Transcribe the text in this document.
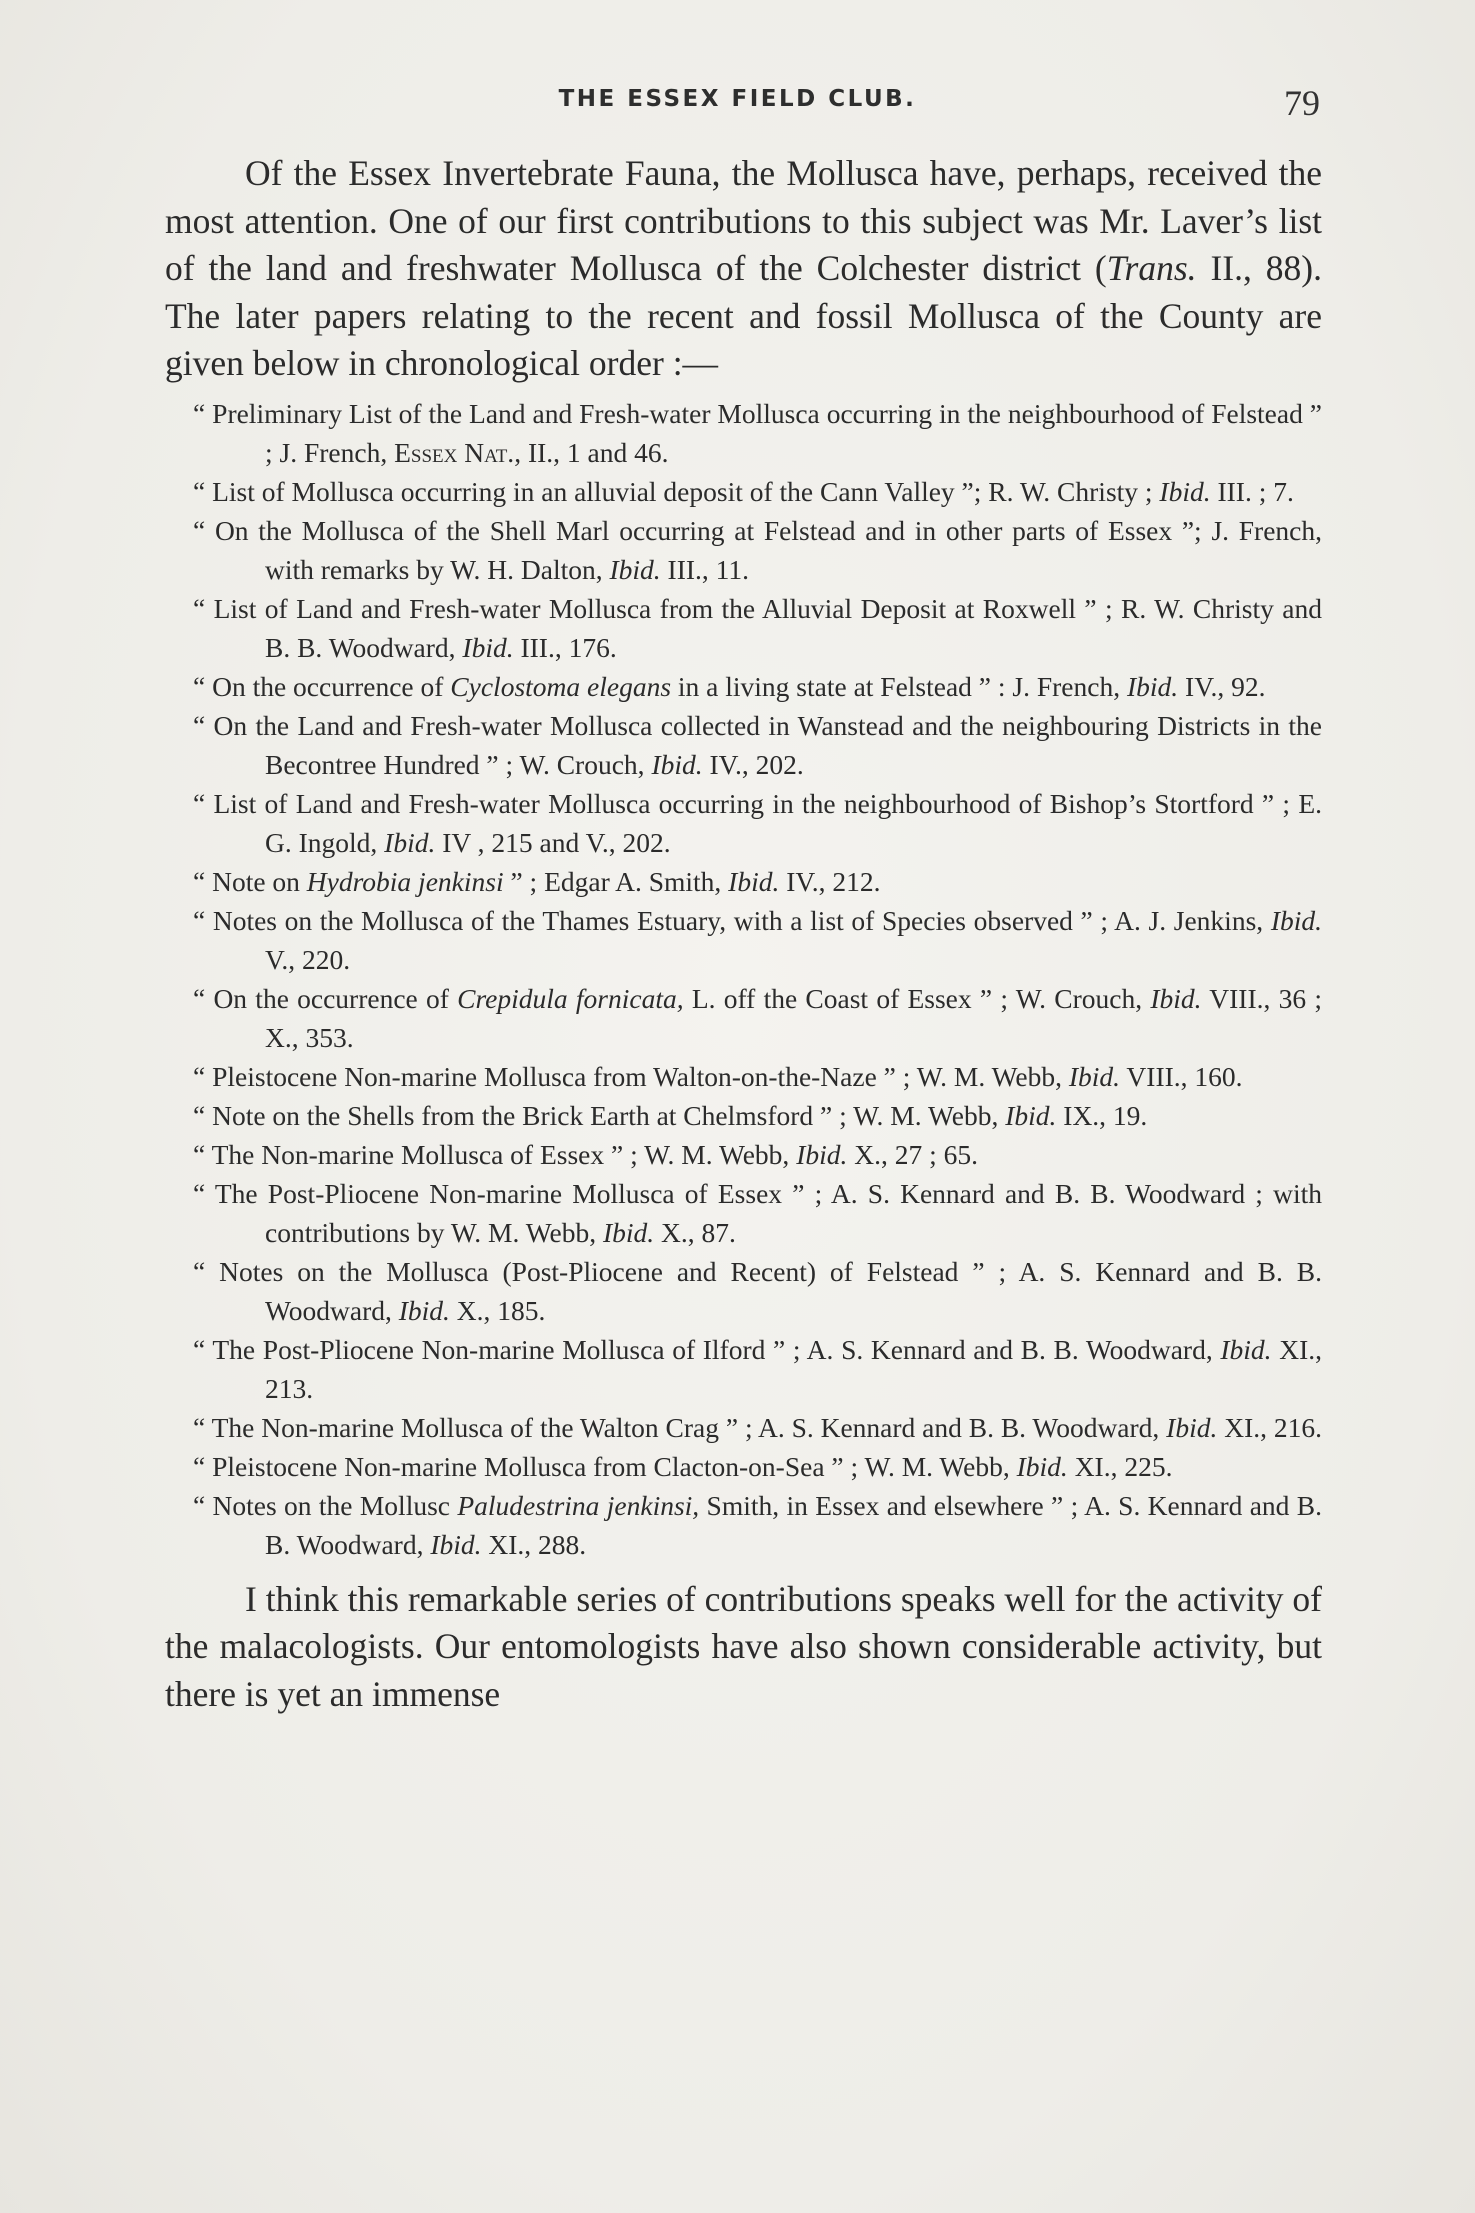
THE ESSEX FIELD CLUB.	79

Of the Essex Invertebrate Fauna, the Mollusca have, perhaps, received the most attention. One of our first contributions to this subject was Mr. Laver’s list of the land and freshwater Mollusca of the Colchester district (Trans. II., 88). The later papers relating to the recent and fossil Mollusca of the County are given below in chronological order :—

“ Preliminary List of the Land and Fresh-water Mollusca occurring in the neighbourhood of Felstead ” ; J. French, Essex Nat., II., 1 and 46.
“ List of Mollusca occurring in an alluvial deposit of the Cann Valley ”; R. W. Christy ; Ibid. III. ; 7.
“ On the Mollusca of the Shell Marl occurring at Felstead and in other parts of Essex ”; J. French, with remarks by W. H. Dalton, Ibid. III., 11.
“ List of Land and Fresh-water Mollusca from the Alluvial Deposit at Roxwell ” ; R. W. Christy and B. B. Woodward, Ibid. III., 176.
“ On the occurrence of Cyclostoma elegans in a living state at Felstead ” : J. French, Ibid. IV., 92.
“ On the Land and Fresh-water Mollusca collected in Wanstead and the neighbouring Districts in the Becontree Hundred ” ; W. Crouch, Ibid. IV., 202.
“ List of Land and Fresh-water Mollusca occurring in the neighbourhood of Bishop’s Stortford ” ; E. G. Ingold, Ibid. IV , 215 and V., 202.
“ Note on Hydrobia jenkinsi ” ; Edgar A. Smith, Ibid. IV., 212.
“ Notes on the Mollusca of the Thames Estuary, with a list of Species observed ” ; A. J. Jenkins, Ibid. V., 220.
“ On the occurrence of Crepidula fornicata, L. off the Coast of Essex ” ; W. Crouch, Ibid. VIII., 36 ; X., 353.
“ Pleistocene Non-marine Mollusca from Walton-on-the-Naze ” ; W. M. Webb, Ibid. VIII., 160.
“ Note on the Shells from the Brick Earth at Chelmsford ” ; W. M. Webb, Ibid. IX., 19.
“ The Non-marine Mollusca of Essex ” ; W. M. Webb, Ibid. X., 27 ; 65.
“ The Post-Pliocene Non-marine Mollusca of Essex ” ; A. S. Kennard and B. B. Woodward ; with contributions by W. M. Webb, Ibid. X., 87.
“ Notes on the Mollusca (Post-Pliocene and Recent) of Felstead ” ; A. S. Kennard and B. B. Woodward, Ibid. X., 185.
“ The Post-Pliocene Non-marine Mollusca of Ilford ” ; A. S. Kennard and B. B. Woodward, Ibid. XI., 213.
“ The Non-marine Mollusca of the Walton Crag ” ; A. S. Kennard and B. B. Woodward, Ibid. XI., 216.
“ Pleistocene Non-marine Mollusca from Clacton-on-Sea ” ; W. M. Webb, Ibid. XI., 225.
“ Notes on the Mollusc Paludestrina jenkinsi, Smith, in Essex and elsewhere ” ; A. S. Kennard and B. B. Woodward, Ibid. XI., 288.

I think this remarkable series of contributions speaks well for the activity of the malacologists. Our entomologists have also shown considerable activity, but there is yet an immense
